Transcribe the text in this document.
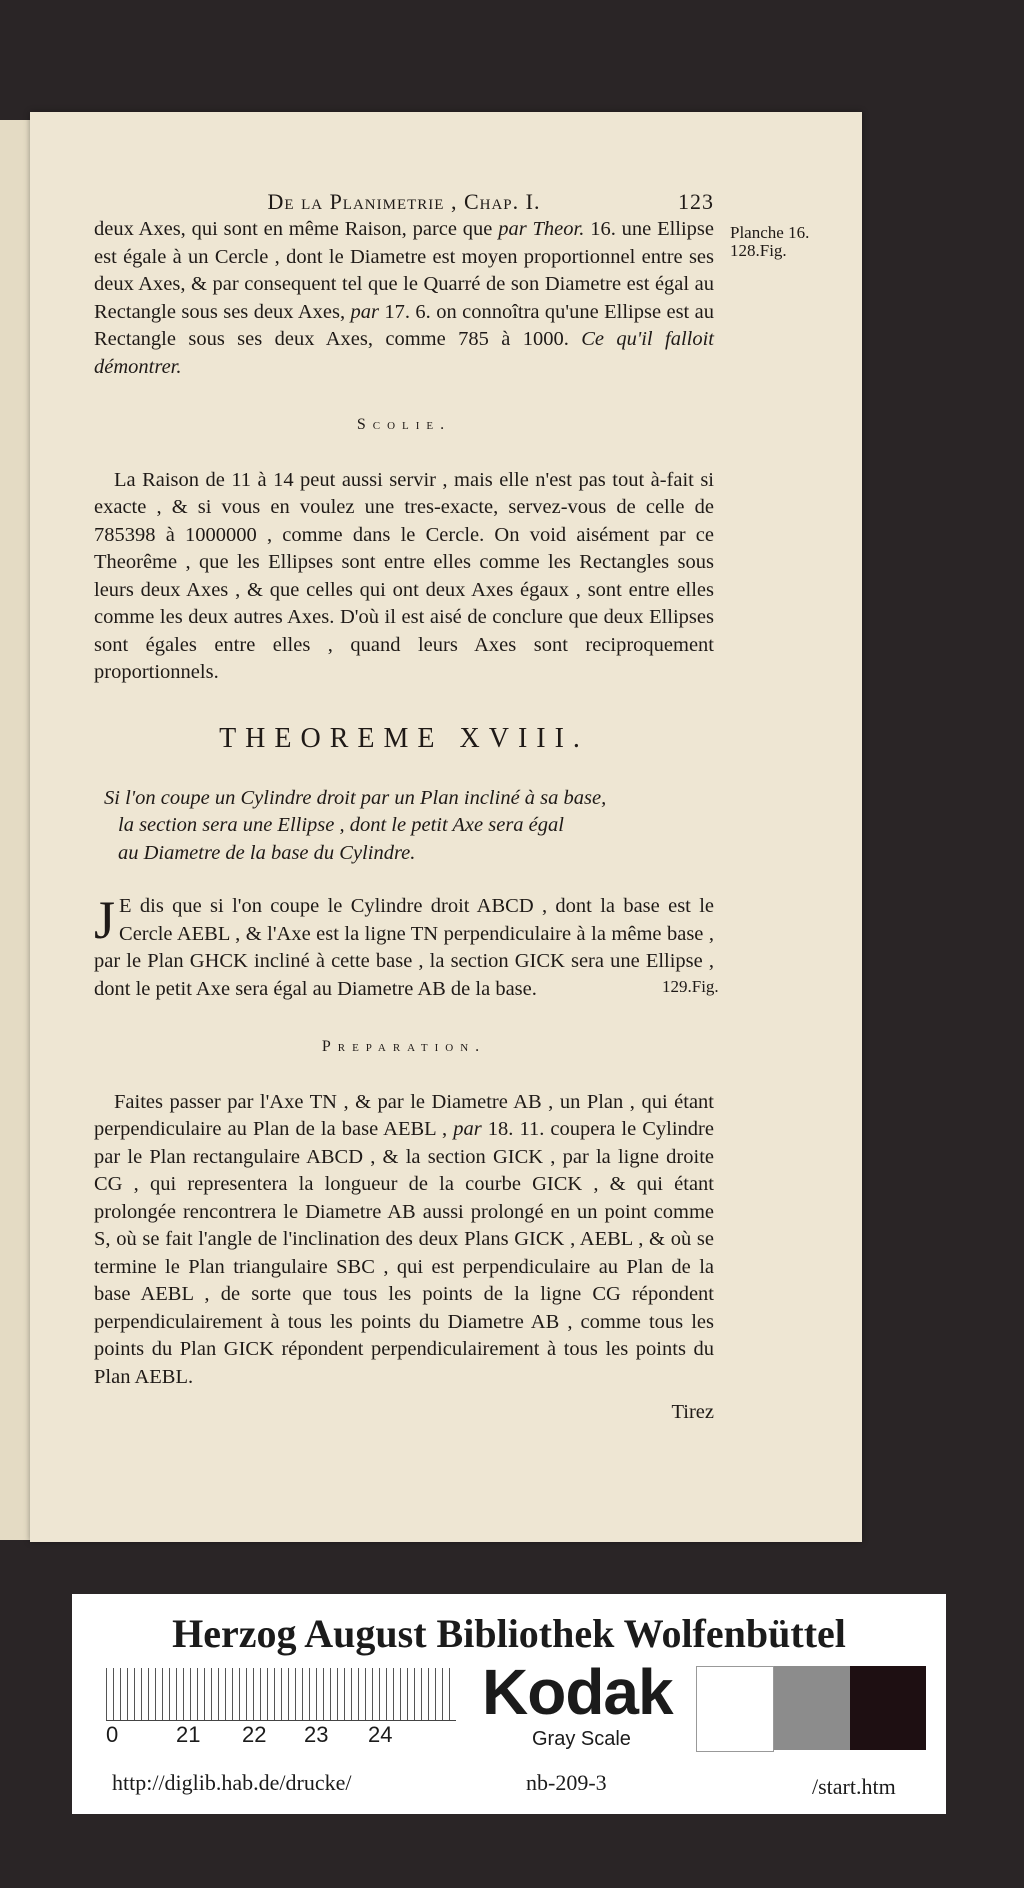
Planche 16. 128.Fig.
129.Fig.
De la Planimetrie , Chap. I.	123

deux Axes, qui sont en même Raison, parce que par Theor. 16. une Ellipse est égale à un Cercle , dont le Diametre est moyen proportionnel entre ses deux Axes, & par consequent tel que le Quarré de son Diametre est égal au Rectangle sous ses deux Axes, par 17. 6. on connoîtra qu'une Ellipse est au Rectangle sous ses deux Axes, comme 785 à 1000. Ce qu'il falloit démontrer.

Scolie.

La Raison de 11 à 14 peut aussi servir , mais elle n'est pas tout à-fait si exacte , & si vous en voulez une tres-exacte, servez-vous de celle de 785398 à 1000000 , comme dans le Cercle. On void aisément par ce Theorême , que les Ellipses sont entre elles comme les Rectangles sous leurs deux Axes , & que celles qui ont deux Axes égaux , sont entre elles comme les deux autres Axes. D'où il est aisé de conclure que deux Ellipses sont égales entre elles , quand leurs Axes sont reciproquement proportionnels.

THEOREME XVIII.
Si l'on coupe un Cylindre droit par un Plan incliné à sa base,
la section sera une Ellipse , dont le petit Axe sera égal
au Diametre de la base du Cylindre.

J E dis que si l'on coupe le Cylindre droit ABCD , dont la base est le Cercle AEBL , & l'Axe est la ligne TN perpendiculaire à la même base , par le Plan GHCK incliné à cette base , la section GICK sera une Ellipse , dont le petit Axe sera égal au Diametre AB de la base.

Preparation.

Faites passer par l'Axe TN , & par le Diametre AB , un Plan , qui étant perpendiculaire au Plan de la base AEBL , par 18. 11. coupera le Cylindre par le Plan rectangulaire ABCD , & la section GICK , par la ligne droite CG , qui representera la longueur de la courbe GICK , & qui étant prolongée rencontrera le Diametre AB aussi prolongé en un point comme S, où se fait l'angle de l'inclination des deux Plans GICK , AEBL , & où se termine le Plan triangulaire SBC , qui est perpendiculaire au Plan de la base AEBL , de sorte que tous les points de la ligne CG répondent perpendiculairement à tous les points du Diametre AB , comme tous les points du Plan GICK répondent perpendiculairement à tous les points du Plan AEBL.

Tirez
Herzog August Bibliothek Wolfenbüttel
0	21 22 23 24
Kodak
Gray Scale
http://diglib.hab.de/drucke/	nb-209-3	/start.htm
